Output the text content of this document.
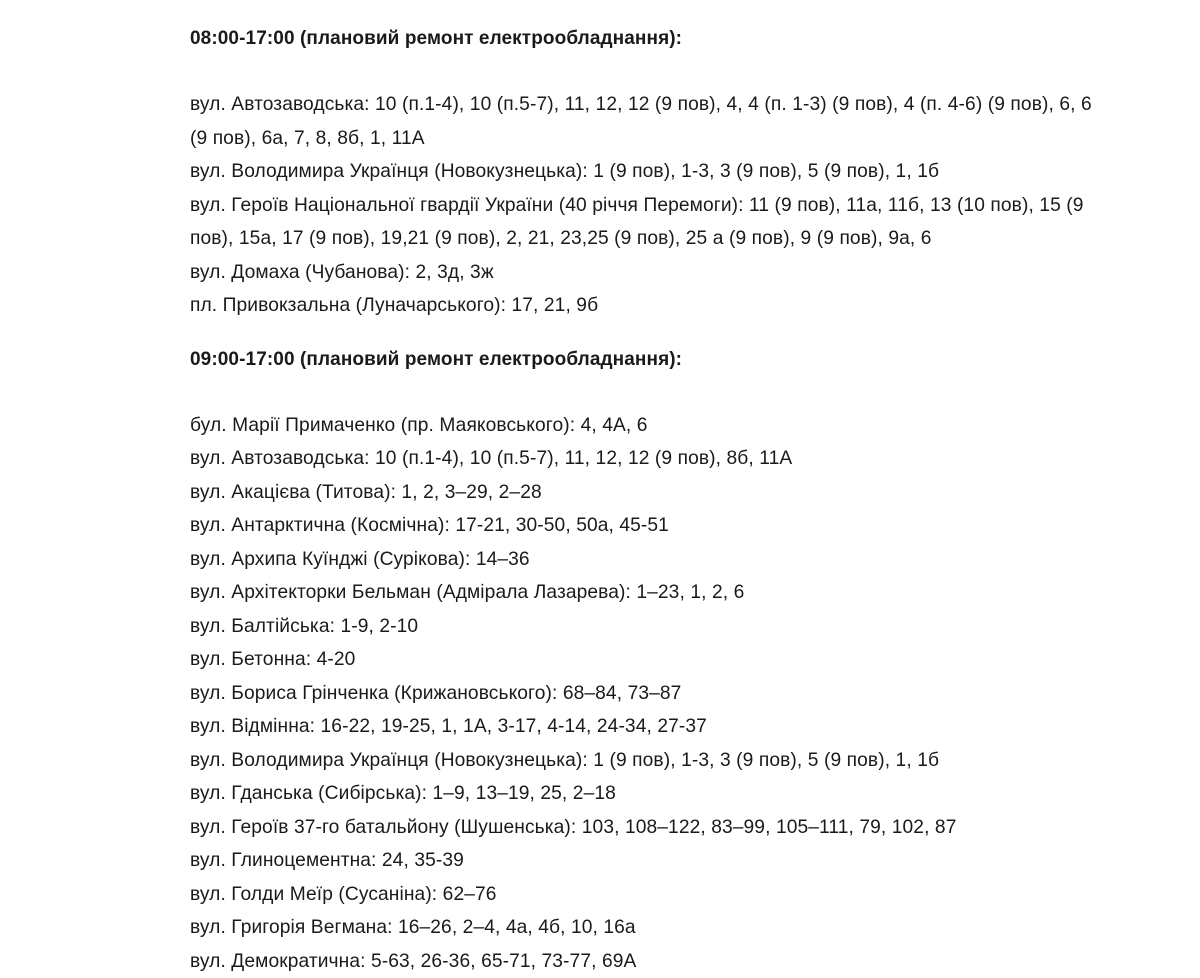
08:00-17:00 (плановий ремонт електрообладнання):
вул. Автозаводська: 10 (п.1-4), 10 (п.5-7), 11, 12, 12 (9 пов), 4, 4 (п. 1-3) (9 пов), 4 (п. 4-6) (9 пов), 6, 6
(9 пов), 6а, 7, 8, 8б, 1, 11А
вул. Володимира Українця (Новокузнецька): 1 (9 пов), 1-3, 3 (9 пов), 5 (9 пов), 1, 1б
вул. Героїв Національної гвардії України (40 річчя Перемоги): 11 (9 пов), 11а, 11б, 13 (10 пов), 15 (9
пов), 15а, 17 (9 пов), 19,21 (9 пов), 2, 21, 23,25 (9 пов), 25 а (9 пов), 9 (9 пов), 9а, 6
вул. Домаха (Чубанова): 2, 3д, 3ж
пл. Привокзальна (Луначарського): 17, 21, 9б
09:00-17:00 (плановий ремонт електрообладнання):
бул. Марії Примаченко (пр. Маяковського): 4, 4А, 6
вул. Автозаводська: 10 (п.1-4), 10 (п.5-7), 11, 12, 12 (9 пов), 8б, 11А
вул. Акацієва (Титова): 1, 2, 3–29, 2–28
вул. Антарктична (Космічна): 17-21, 30-50, 50а, 45-51
вул. Архипа Куїнджі (Сурікова): 14–36
вул. Архітекторки Бельман (Адмірала Лазарева): 1–23, 1, 2, 6
вул. Балтійська: 1-9, 2-10
вул. Бетонна: 4-20
вул. Бориса Грінченка (Крижановського): 68–84, 73–87
вул. Відмінна: 16-22, 19-25, 1, 1А, 3-17, 4-14, 24-34, 27-37
вул. Володимира Українця (Новокузнецька): 1 (9 пов), 1-3, 3 (9 пов), 5 (9 пов), 1, 1б
вул. Гданська (Сибірська): 1–9, 13–19, 25, 2–18
вул. Героїв 37-го батальйону (Шушенська): 103, 108–122, 83–99, 105–111, 79, 102, 87
вул. Глиноцементна: 24, 35-39
вул. Голди Меїр (Сусаніна): 62–76
вул. Григорія Вегмана: 16–26, 2–4, 4а, 4б, 10, 16а
вул. Демократична: 5-63, 26-36, 65-71, 73-77, 69А
